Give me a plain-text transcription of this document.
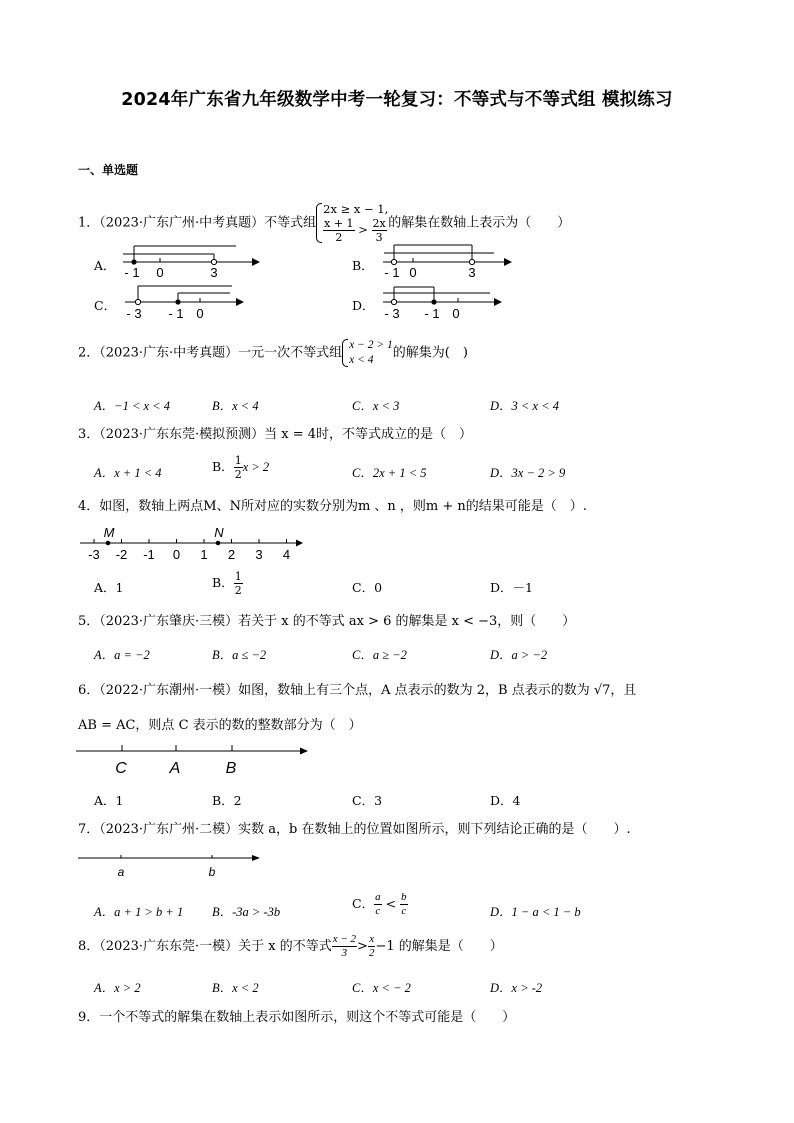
2024年广东省九年级数学中考一轮复习：不等式与不等式组 模拟练习
一、单选题
1．（2023·广东广州·中考真题）不等式组
2x ≥ x − 1,
$\frac{x + 1}{2} > \frac{2x}{3}$ 的解集在数轴上表示为（　　）
A． - 1 0	3	B． - 1 0	3
C．
- 3 - 1 0
D．
- 3 - 1 0
2．（2023·广东·中考真题）一元一次不等式组
x − 2 > 1
x < 4	的解集为(　)
A．−1 < x < 4	B．x < 4	C．x < 3	D．3 < x < 4
3．（2023·广东东莞·模拟预测）当 x = 4时，不等式成立的是（　）
A．x + 1 < 4	B． $\frac{1}{2}$ x > 2	C．2x + 1 < 5	D．3x − 2 > 9
4．如图，数轴上两点M、N所对应的实数分别为m 、n ，则m + n的结果可能是（　）.
-3 -2 -1 0 1 2 3 4
M	N
A．1	B． $\frac{1}{2}$	C．0	D．－1
5．（2023·广东肇庆·三模）若关于 x 的不等式 ax > 6 的解集是 x < −3，则（　　）
A．a = −2	B．a ≤ −2	C．a ≥ −2	D．a > −2
6．（2022·广东潮州·一模）如图，数轴上有三个点，A 点表示的数为 2，B 点表示的数为 √7，且
AB = AC，则点 C 表示的数的整数部分为（　）
C	A	B
A．1	B．2	C．3	D．4
7．（2023·广东广州·二模）实数 a，b 在数轴上的位置如图所示，则下列结论正确的是（　　）.
a	b
A．a + 1 > b + 1 B．-3a > -3b
C． $\frac{a}{c} < \frac{b}{c}$	D．1 − a < 1 − b
8．（2023·广东东莞·一模）关于 x 的不等式 $\frac{x - 2}{3} > \frac{x}{2} -1$ 的解集是（　　）
A．x > 2	B．x < 2	C．x < − 2	D．x > -2
9．一个不等式的解集在数轴上表示如图所示，则这个不等式可能是（　　）
